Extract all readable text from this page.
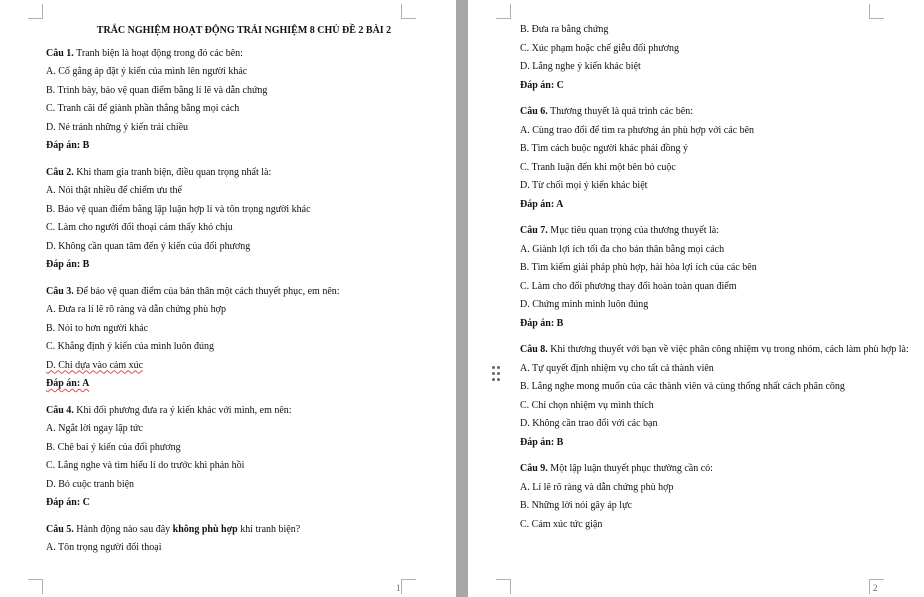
TRẮC NGHIỆM HOẠT ĐỘNG TRẢI NGHIỆM 8 CHỦ ĐỀ 2 BÀI 2

Câu 1. Tranh biện là hoạt động trong đó các bên:

A. Cố gắng áp đặt ý kiến của mình lên người khác

B. Trình bày, bảo vệ quan điểm bằng lí lẽ và dẫn chứng

C. Tranh cãi để giành phần thắng bằng mọi cách

D. Né tránh những ý kiến trái chiều

Đáp án: B

Câu 2. Khi tham gia tranh biện, điều quan trọng nhất là:

A. Nói thật nhiều để chiếm ưu thế

B. Bảo vệ quan điểm bằng lập luận hợp lí và tôn trọng người khác

C. Làm cho người đối thoại cảm thấy khó chịu

D. Không cần quan tâm đến ý kiến của đối phương

Đáp án: B

Câu 3. Để bảo vệ quan điểm của bản thân một cách thuyết phục, em nên:

A. Đưa ra lí lẽ rõ ràng và dẫn chứng phù hợp

B. Nói to hơn người khác

C. Khẳng định ý kiến của mình luôn đúng

D. Chỉ dựa vào cảm xúc

Đáp án: A

Câu 4. Khi đối phương đưa ra ý kiến khác với mình, em nên:

A. Ngắt lời ngay lập tức

B. Chê bai ý kiến của đối phương

C. Lắng nghe và tìm hiểu lí do trước khi phản hồi

D. Bỏ cuộc tranh biện

Đáp án: C

Câu 5. Hành động nào sau đây không phù hợp khi tranh biện?

A. Tôn trọng người đối thoại

1

B. Đưa ra bằng chứng

C. Xúc phạm hoặc chế giễu đối phương

D. Lắng nghe ý kiến khác biệt

Đáp án: C

Câu 6. Thương thuyết là quá trình các bên:

A. Cùng trao đổi để tìm ra phương án phù hợp với các bên

B. Tìm cách buộc người khác phải đồng ý

C. Tranh luận đến khi một bên bỏ cuộc

D. Từ chối mọi ý kiến khác biệt

Đáp án: A

Câu 7. Mục tiêu quan trọng của thương thuyết là:

A. Giành lợi ích tối đa cho bản thân bằng mọi cách

B. Tìm kiếm giải pháp phù hợp, hài hòa lợi ích của các bên

C. Làm cho đối phương thay đổi hoàn toàn quan điểm

D. Chứng minh mình luôn đúng

Đáp án: B

Câu 8. Khi thương thuyết với bạn về việc phân công nhiệm vụ trong nhóm, cách làm phù hợp là:

A. Tự quyết định nhiệm vụ cho tất cả thành viên

B. Lắng nghe mong muốn của các thành viên và cùng thống nhất cách phân công

C. Chỉ chọn nhiệm vụ mình thích

D. Không cần trao đổi với các bạn

Đáp án: B

Câu 9. Một lập luận thuyết phục thường cần có:

A. Lí lẽ rõ ràng và dẫn chứng phù hợp

B. Những lời nói gây áp lực

C. Cảm xúc tức giận

2
